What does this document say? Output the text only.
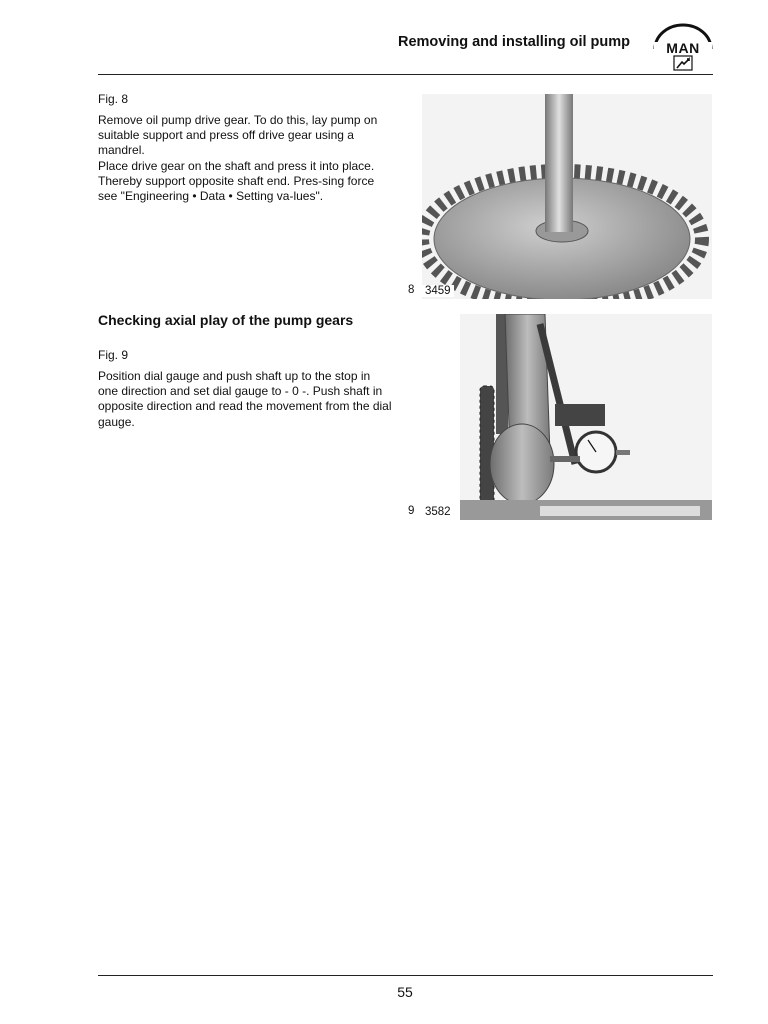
Removing and installing oil pump	MAN
Fig. 8
Remove oil pump drive gear. To do this, lay pump on suitable support and press off drive gear using a mandrel.
Place drive gear on the shaft and press it into place. Thereby support opposite shaft end. Pres-sing force see "Engineering • Data • Setting va-lues".
8 3459
Checking axial play of the pump gears
Fig. 9
Position dial gauge and push shaft up to the stop in one direction and set dial gauge to - 0 -. Push shaft in opposite direction and read the movement from the dial gauge.
9 3582
55
